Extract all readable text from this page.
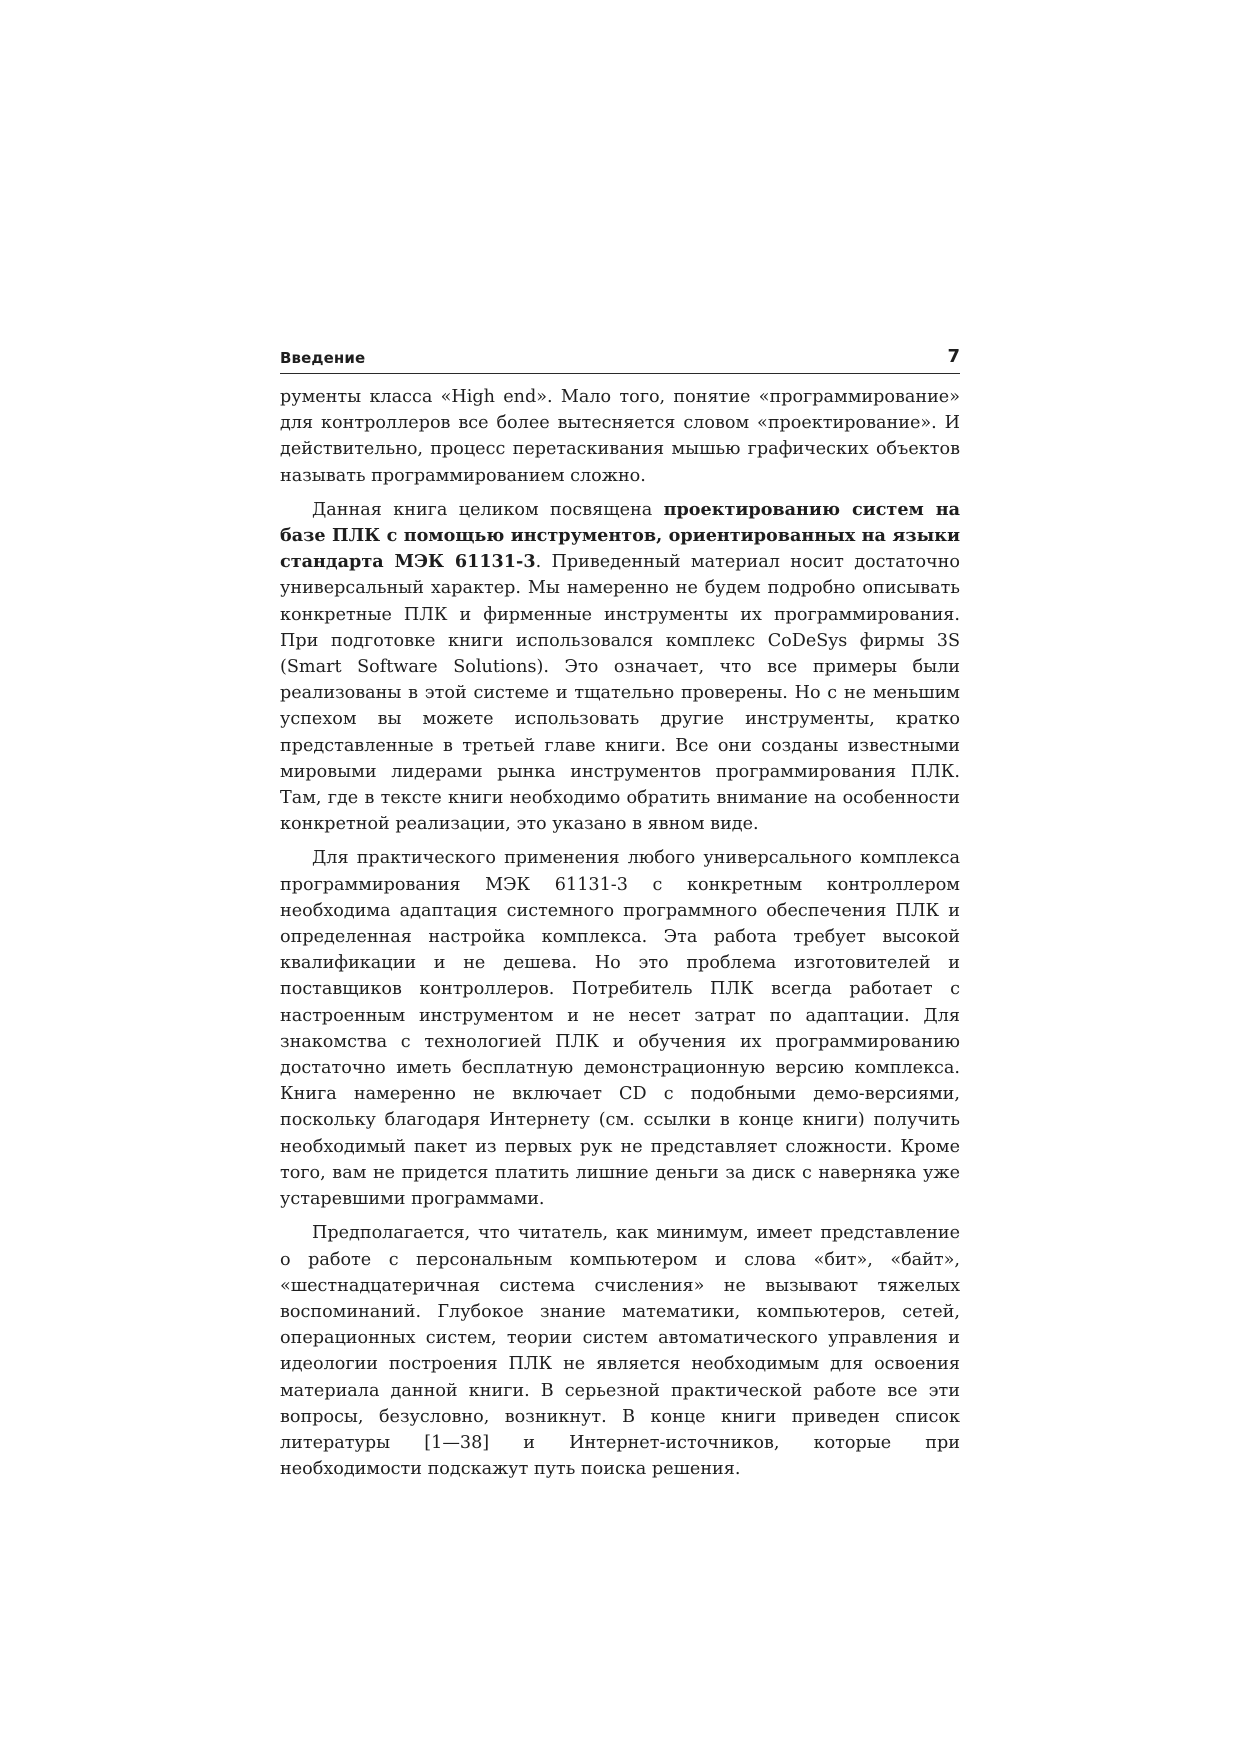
Введение	7

рументы класса «High end». Мало того, понятие «программирование» для контроллеров все более вытесняется словом «проектирование». И действительно, процесс перетаскивания мышью графических объектов называть программированием сложно.

Данная книга целиком посвящена проектированию систем на базе ПЛК с помощью инструментов, ориентированных на языки стандарта МЭК 61131-3. Приведенный материал носит достаточно универсальный характер. Мы намеренно не будем подробно описывать конкретные ПЛК и фирменные инструменты их программирования. При подготовке книги использовался комплекс CoDeSys фирмы 3S (Smart Software Solutions). Это означает, что все примеры были реализованы в этой системе и тщательно проверены. Но с не меньшим успехом вы можете использовать другие инструменты, кратко представленные в третьей главе книги. Все они созданы известными мировыми лидерами рынка инструментов программирования ПЛК. Там, где в тексте книги необходимо обратить внимание на особенности конкретной реализации, это указано в явном виде.

Для практического применения любого универсального комплекса программирования МЭК 61131-3 с конкретным контроллером необходима адаптация системного программного обеспечения ПЛК и определенная настройка комплекса. Эта работа требует высокой квалификации и не дешева. Но это проблема изготовителей и поставщиков контроллеров. Потребитель ПЛК всегда работает с настроенным инструментом и не несет затрат по адаптации. Для знакомства с технологией ПЛК и обучения их программированию достаточно иметь бесплатную демонстрационную версию комплекса. Книга намеренно не включает CD с подобными демо-версиями, поскольку благодаря Интернету (см. ссылки в конце книги) получить необходимый пакет из первых рук не представляет сложности. Кроме того, вам не придется платить лишние деньги за диск с наверняка уже устаревшими программами.

Предполагается, что читатель, как минимум, имеет представление о работе с персональным компьютером и слова «бит», «байт», «шестнадцатеричная система счисления» не вызывают тяжелых воспоминаний. Глубокое знание математики, компьютеров, сетей, операционных систем, теории систем автоматического управления и идеологии построения ПЛК не является необходимым для освоения материала данной книги. В серьезной практической работе все эти вопросы, безусловно, возникнут. В конце книги приведен список литературы [1—38] и Интернет-источников, которые при необходимости подскажут путь поиска решения.
